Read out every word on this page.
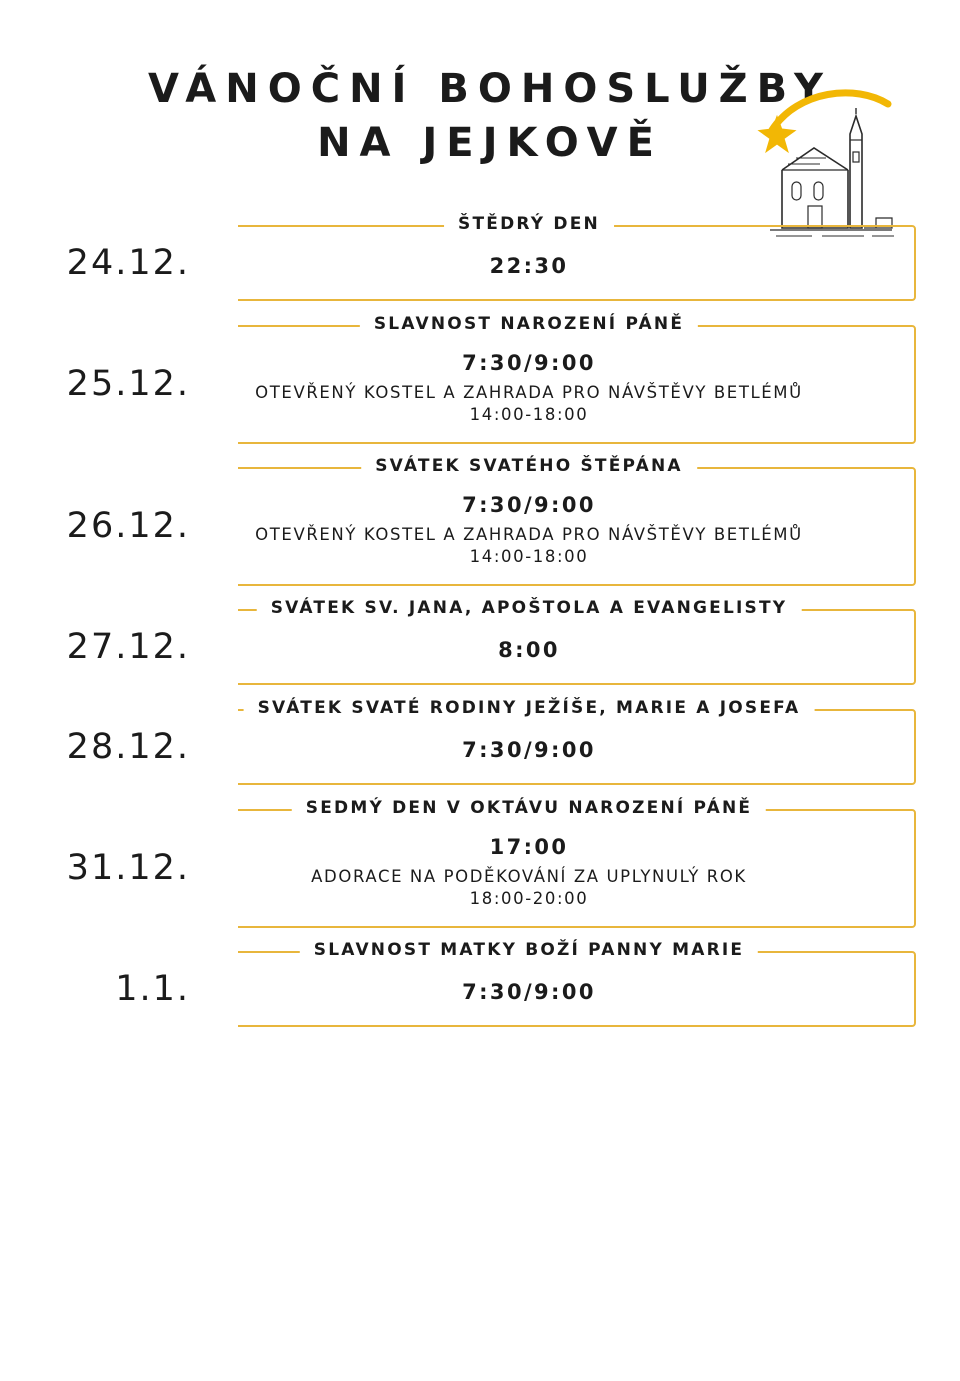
VÁNOČNÍ BOHOSLUŽBY
NA JEJKOVĚ
24.12.
ŠTĚDRÝ DEN
22:30
25.12.
SLAVNOST NAROZENÍ PÁNĚ
7:30/9:00
OTEVŘENÝ KOSTEL A ZAHRADA PRO NÁVŠTĚVY BETLÉMŮ
14:00-18:00
26.12.
SVÁTEK SVATÉHO ŠTĚPÁNA
7:30/9:00
OTEVŘENÝ KOSTEL A ZAHRADA PRO NÁVŠTĚVY BETLÉMŮ
14:00-18:00
27.12.
SVÁTEK SV. JANA, APOŠTOLA A EVANGELISTY
8:00
28.12.
SVÁTEK SVATÉ RODINY JEŽÍŠE, MARIE A JOSEFA
7:30/9:00
31.12.
SEDMÝ DEN V OKTÁVU NAROZENÍ PÁNĚ
17:00
ADORACE NA PODĚKOVÁNÍ ZA UPLYNULÝ ROK
18:00-20:00
1.1.
SLAVNOST MATKY BOŽÍ PANNY MARIE
7:30/9:00
